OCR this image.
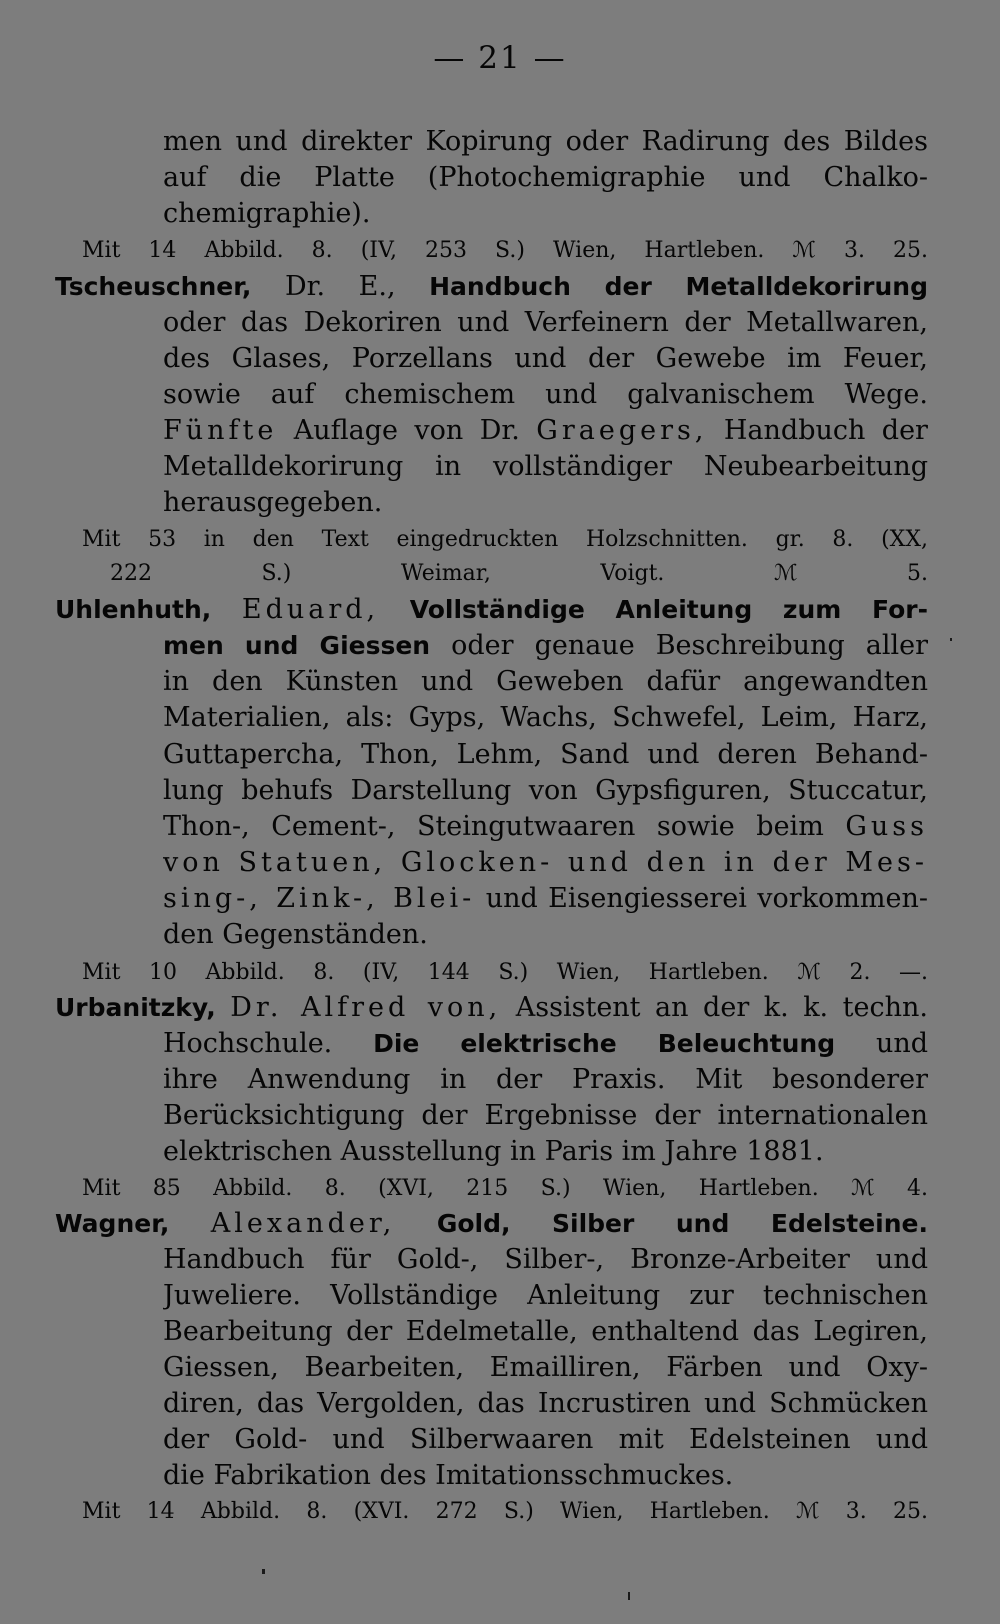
— 21 —
men und direkter Kopirung oder Radirung des Bildes
auf die Platte (Photochemigraphie und Chalko-
chemigraphie).
Mit 14 Abbild. 8. (IV, 253 S.) Wien, Hartleben. ℳ 3. 25.
Tscheuschner, Dr. E., Handbuch der Metalldekorirung
oder das Dekoriren und Verfeinern der Metallwaren,
des Glases, Porzellans und der Gewebe im Feuer,
sowie auf chemischem und galvanischem Wege.
Fünfte Auflage von Dr. Graegers, Handbuch der
Metalldekorirung in vollständiger Neubearbeitung
herausgegeben.
Mit 53 in den Text eingedruckten Holzschnitten. gr. 8. (XX,
222 S.) Weimar, Voigt.	ℳ 5.
Uhlenhuth, Eduard, Vollständige Anleitung zum For-
men und Giessen oder genaue Beschreibung aller
in den Künsten und Geweben dafür angewandten
Materialien, als: Gyps, Wachs, Schwefel, Leim, Harz,
Guttapercha, Thon, Lehm, Sand und deren Behand-
lung behufs Darstellung von Gypsfiguren, Stuccatur,
Thon-, Cement-, Steingutwaaren sowie beim Guss
von Statuen, Glocken- und den in der Mes-
sing-, Zink-, Blei- und Eisengiesserei vorkommen-
den Gegenständen.
Mit 10 Abbild. 8. (IV, 144 S.) Wien, Hartleben. ℳ 2. —.
Urbanitzky, Dr. Alfred von, Assistent an der k. k. techn.
Hochschule. Die elektrische Beleuchtung und
ihre Anwendung in der Praxis. Mit besonderer
Berücksichtigung der Ergebnisse der internationalen
elektrischen Ausstellung in Paris im Jahre 1881.
Mit 85 Abbild. 8. (XVI, 215 S.) Wien, Hartleben. ℳ 4.
Wagner, Alexander, Gold, Silber und Edelsteine.
Handbuch für Gold-, Silber-, Bronze-Arbeiter und
Juweliere. Vollständige Anleitung zur technischen
Bearbeitung der Edelmetalle, enthaltend das Legiren,
Giessen, Bearbeiten, Emailliren, Färben und Oxy-
diren, das Vergolden, das Incrustiren und Schmücken
der Gold- und Silberwaaren mit Edelsteinen und
die Fabrikation des Imitationsschmuckes.
Mit 14 Abbild. 8. (XVI. 272 S.) Wien, Hartleben. ℳ 3. 25.
